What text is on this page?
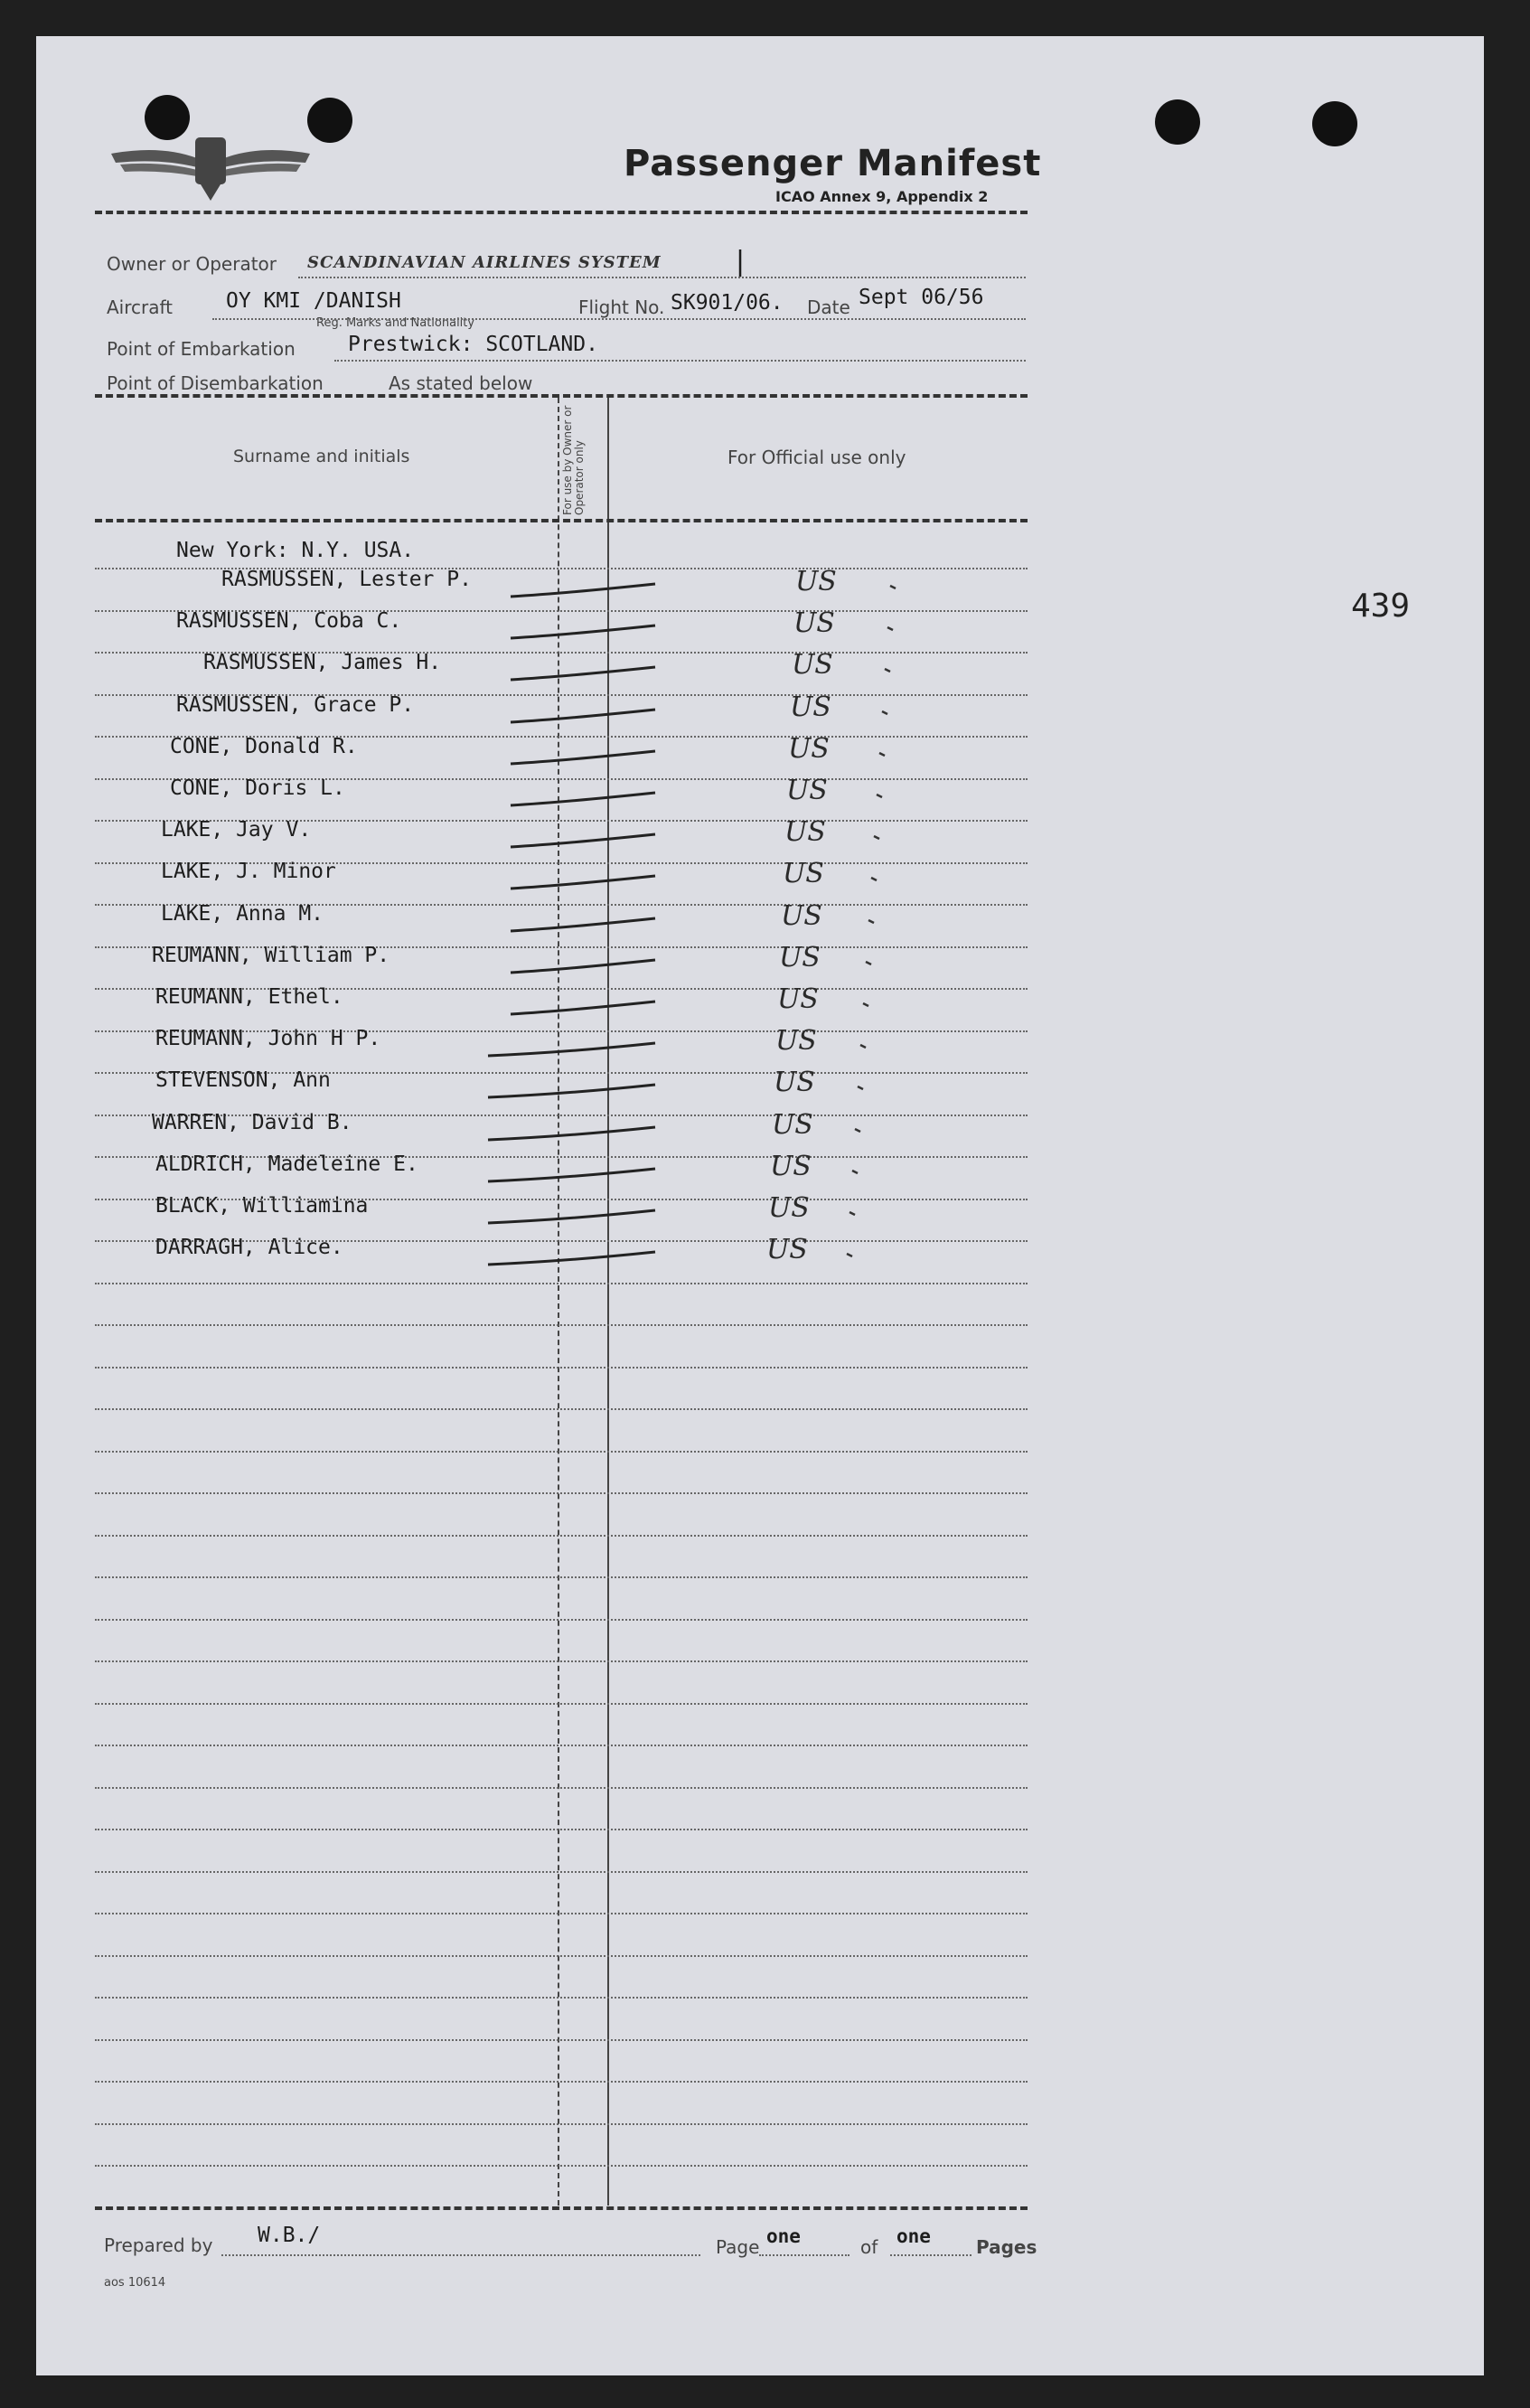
Passenger Manifest
ICAO Annex 9, Appendix 2
Owner or Operator SCANDINAVIAN AIRLINES SYSTEM	|
Aircraft	OY KMI /DANISH
Reg. Marks and Nationality
Flight No. SK901/06. Date Sept 06/56
Point of Embarkation	Prestwick: SCOTLAND.
Point of Disembarkation	As stated below
Surname and initials	For use by Owner or Operator only	For Official use only
New York: N.Y. USA.
RASMUSSEN, Lester P.	US
RASMUSSEN, Coba C.	US
RASMUSSEN, James H.	US
RASMUSSEN, Grace P.	US
CONE, Donald R.	US
CONE, Doris L.	US
LAKE, Jay V.	US
LAKE, J. Minor	US
LAKE, Anna M.	US
REUMANN, William P.	US
REUMANN, Ethel.	US
REUMANN, John H P.	US
STEVENSON, Ann	US
WARREN, David B.	US
ALDRICH, Madeleine E.	US
BLACK, Williamina	US
DARRAGH, Alice.	US
Prepared by W.B./	Page one	of one	Pages
aos 10614
439
